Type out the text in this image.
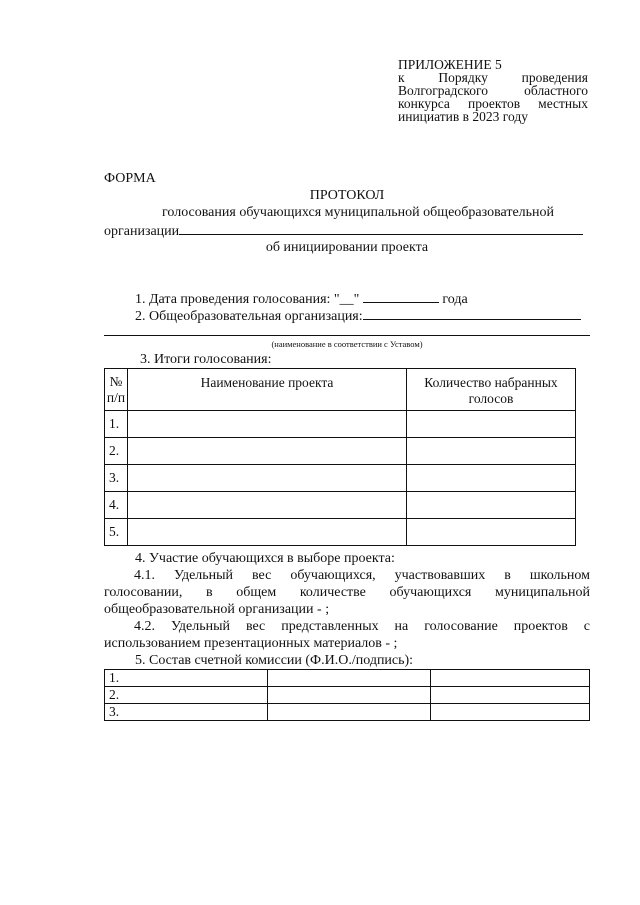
ПРИЛОЖЕНИЕ 5
к	Порядку	проведения
Волгоградского	областного
конкурса проектов местных
инициатив в 2023 году
ФОРМА
ПРОТОКОЛ
голосования обучающихся муниципальной общеобразовательной
организации
об инициировании проекта
1. Дата проведения голосования: "__"	года
2. Общеобразовательная организация:
(наименование в соответствии с Уставом)
3. Итоги голосования:
№ п/п	Наименование проекта	Количество набранных голосов
1.		
2.		
3.		
4.		
5.		
4. Участие обучающихся в выборе проекта:
4.1. Удельный вес обучающихся, участвовавших в школьном
голосовании, в общем количестве обучающихся муниципальной
общеобразовательной организации - ;
4.2. Удельный вес представленных на голосование проектов с
использованием презентационных материалов - ;
5. Состав счетной комиссии (Ф.И.О./подпись):
1.		
2.		
3.		
